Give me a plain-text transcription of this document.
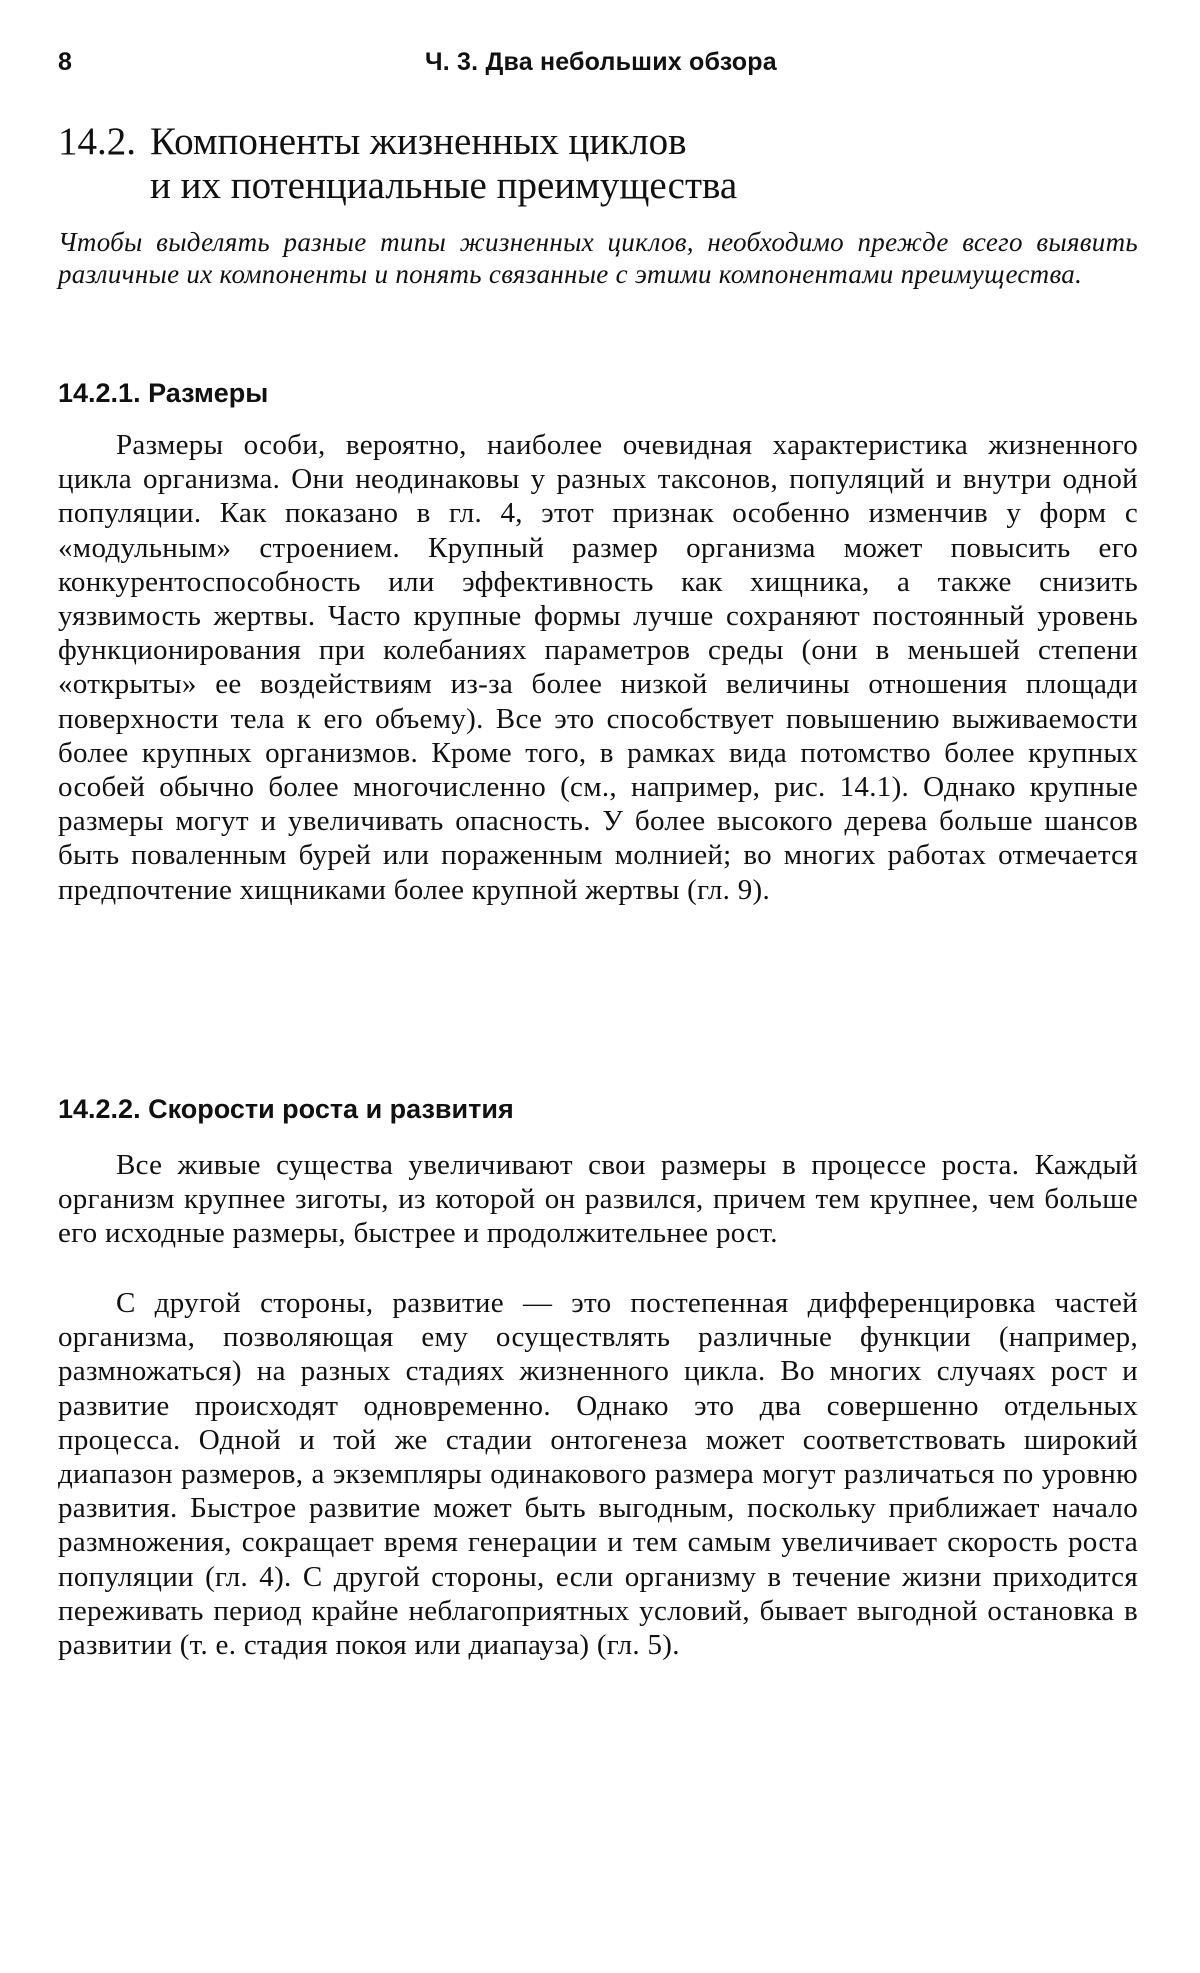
8	Ч. 3. Два небольших обзора
14.2. Компоненты жизненных циклов
и их потенциальные преимущества

Чтобы выделять разные типы жизненных циклов, необходимо прежде всего выявить различные их компоненты и понять связанные с этими компонентами преимущества.

14.2.1. Размеры

Размеры особи, вероятно, наиболее очевидная характеристика жизненного цикла организма. Они неодинаковы у разных таксонов, популяций и внутри одной популяции. Как показано в гл. 4, этот признак особенно изменчив у форм с «модульным» строением. Крупный размер организма может повысить его конкурентоспособность или эффективность как хищника, а также снизить уязвимость жертвы. Часто крупные формы лучше сохраняют постоянный уровень функционирования при колебаниях параметров среды (они в меньшей степени «открыты» ее воздействиям из-за более низкой величины отношения площади поверхности тела к его объему). Все это способствует повышению выживаемости более крупных организмов. Кроме того, в рамках вида потомство более крупных особей обычно более многочисленно (см., например, рис. 14.1). Однако крупные размеры могут и увеличивать опасность. У более высокого дерева больше шансов быть поваленным бурей или пораженным молнией; во многих работах отмечается предпочтение хищниками более крупной жертвы (гл. 9).

14.2.2. Скорости роста и развития

Все живые существа увеличивают свои размеры в процессе роста. Каждый организм крупнее зиготы, из которой он развился, причем тем крупнее, чем больше его исходные размеры, быстрее и продолжительнее рост.

С другой стороны, развитие — это постепенная дифференцировка частей организма, позволяющая ему осуществлять различные функции (например, размножаться) на разных стадиях жизненного цикла. Во многих случаях рост и развитие происходят одновременно. Однако это два совершенно отдельных процесса. Одной и той же стадии онтогенеза может соответствовать широкий диапазон размеров, а экземпляры одинакового размера могут различаться по уровню развития. Быстрое развитие может быть выгодным, поскольку приближает начало размножения, сокращает время генерации и тем самым увеличивает скорость роста популяции (гл. 4). С другой стороны, если организму в течение жизни приходится переживать период крайне неблагоприятных условий, бывает выгодной остановка в развитии (т. е. стадия покоя или диапауза) (гл. 5).
